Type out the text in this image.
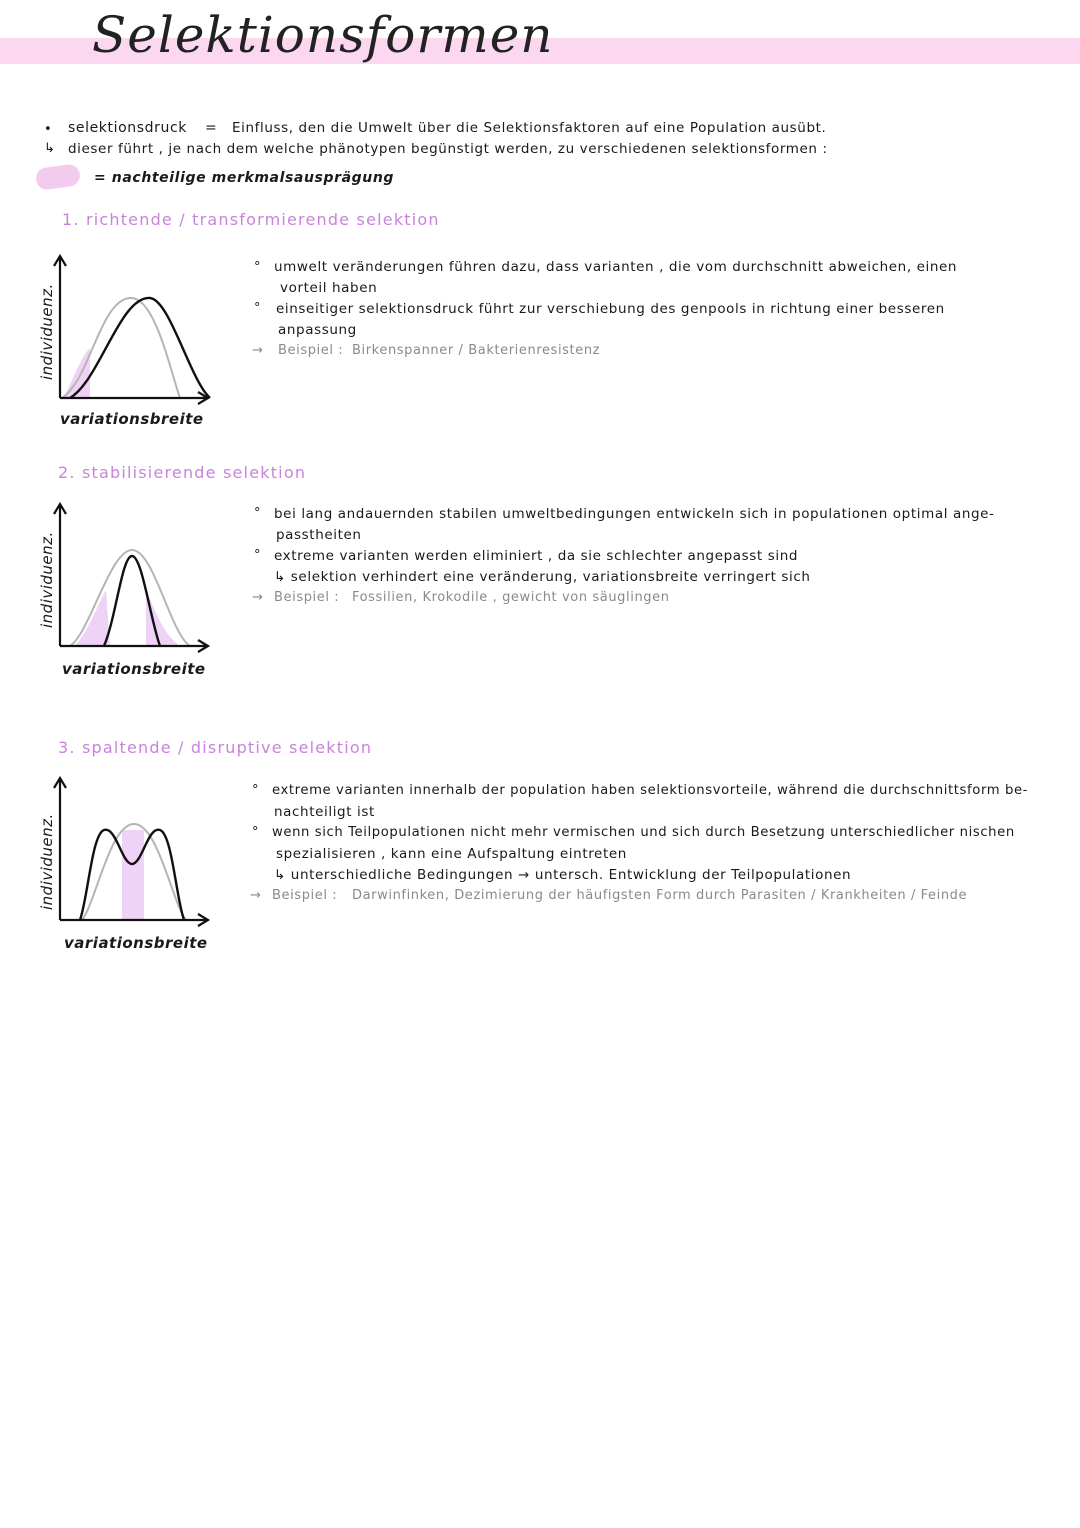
Selektionsformen
• selektionsdruck = Einfluss, den die Umwelt über die Selektionsfaktoren auf eine Population ausübt.
↳ dieser führt , je nach dem welche phänotypen begünstigt werden, zu verschiedenen selektionsformen :
= nachteilige merkmalsausprägung
1. richtende / transformierende selektion
individuenz.
variationsbreite
° umwelt veränderungen führen dazu, dass varianten , die vom durchschnitt abweichen, einen
vorteil haben
° einseitiger selektionsdruck führt zur verschiebung des genpools in richtung einer besseren
anpassung
→ Beispiel : Birkenspanner / Bakterienresistenz
2. stabilisierende selektion
individuenz.
variationsbreite
° bei lang andauernden stabilen umweltbedingungen entwickeln sich in populationen optimal ange-
passtheiten
° extreme varianten werden eliminiert , da sie schlechter angepasst sind
↳ selektion verhindert eine veränderung, variationsbreite verringert sich
→ Beispiel : Fossilien, Krokodile , gewicht von säuglingen
3. spaltende / disruptive selektion
individuenz.
variationsbreite
° extreme varianten innerhalb der population haben selektionsvorteile, während die durchschnittsform be-
nachteiligt ist
° wenn sich Teilpopulationen nicht mehr vermischen und sich durch Besetzung unterschiedlicher nischen
spezialisieren , kann eine Aufspaltung eintreten
↳ unterschiedliche Bedingungen → untersch. Entwicklung der Teilpopulationen
→ Beispiel : Darwinfinken, Dezimierung der häufigsten Form durch Parasiten / Krankheiten / Feinde
